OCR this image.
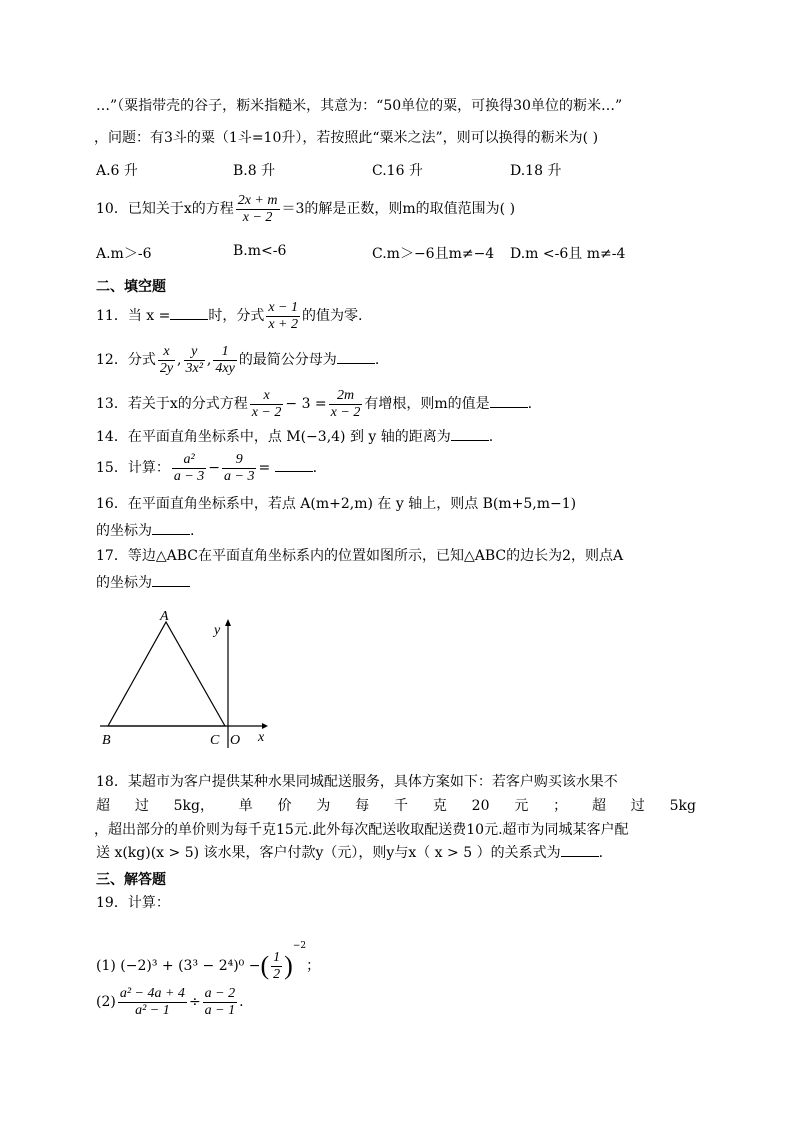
…”（粟指带壳的谷子，粝米指糙米，其意为：“50单位的粟，可换得30单位的粝米…”
，问题：有3斗的粟（1斗=10升），若按照此“粟米之法”，则可以换得的粝米为( )
A.6 升	B.8 升	C.16 升	D.18 升
10．已知关于x的方程 $\frac{2x + m}{x - 2} =3$的解是正数，则m的取值范围为( )
A.m＞-6	B.m<-6	C.m＞−6且m≠−4 D.m <-6且 m≠-4
二、填空题
11．当 x =	时，分式 $\frac{x - 1}{x + 2}$ 的值为零.
12．分式 $\frac{x}{2y}$ , $\frac{y}{\text{3x²}}$ , $\frac{1}{4xy}$ 的最简公分母为	.
13．若关于x的分式方程 $\frac{x}{x - 2} - 3 = \frac{2m}{x - 2}$ 有增根，则m的值是	.
14．在平面直角坐标系中，点 M(−3,4) 到 y 轴的距离为	.
15．计算： $\frac{\text{a²}}{a - 3} - \frac{9}{a - 3}$ =	.
16．在平面直角坐标系中，若点 A(m+2,m) 在 y 轴上，则点 B(m+5,m−1)
的坐标为	.
17．等边△ABC在平面直角坐标系内的位置如图所示，已知△ABC的边长为2，则点A
的坐标为
A
B	C O x
y
18．某超市为客户提供某种水果同城配送服务，具体方案如下：若客户购买该水果不
超 过 5kg， 单 价 为 每 千 克 20 元 ； 超 过 5kg
，超出部分的单价则为每千克15元.此外每次配送收取配送费10元.超市为同城某客户配
送 x(kg)(x > 5) 该水果，客户付款y（元），则y与x（ x > 5 ）的关系式为	.
三、解答题
19．计算：
(1) (−2)³ + (3³ − 2⁴)⁰ −( $\frac{1}{2} )^{-2}$；
$(2) \frac{\text{a² − 4a + 4}}{\text{a² − 1}} \div \frac{a - 2}{a - 1}$ .
